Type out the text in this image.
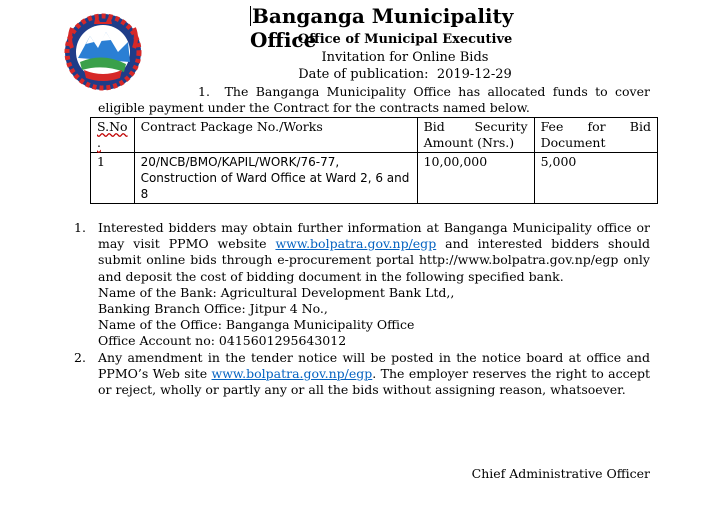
Banganga Municipality Office
Office of Municipal Executive
Invitation for Online Bids
Date of publication: 2019-12-29
1. The Banganga Municipality Office has allocated funds to cover eligible payment under the Contract for the contracts named below.
S.No .	Contract Package No./Works	Bid Security Amount (Nrs.)	Fee for Bid Document
1	20/NCB/BMO/KAPIL/WORK/76-77, Construction of Ward Office at Ward 2, 6 and 8	10,00,000	5,000
1. Interested bidders may obtain further information at Banganga Municipality office or may visit PPMO website www.bolpatra.gov.np/egp and interested bidders should submit online bids through e-procurement portal http://www.bolpatra.gov.np/egp only and deposit the cost of bidding document in the following specified bank.
Name of the Bank: Agricultural Development Bank Ltd,,
Banking Branch Office: Jitpur 4 No.,
Name of the Office: Banganga Municipality Office
Office Account no: 0415601295643012
2. Any amendment in the tender notice will be posted in the notice board at office and PPMO’s Web site www.bolpatra.gov.np/egp. The employer reserves the right to accept or reject, wholly or partly any or all the bids without assigning reason, whatsoever.
Chief Administrative Officer
